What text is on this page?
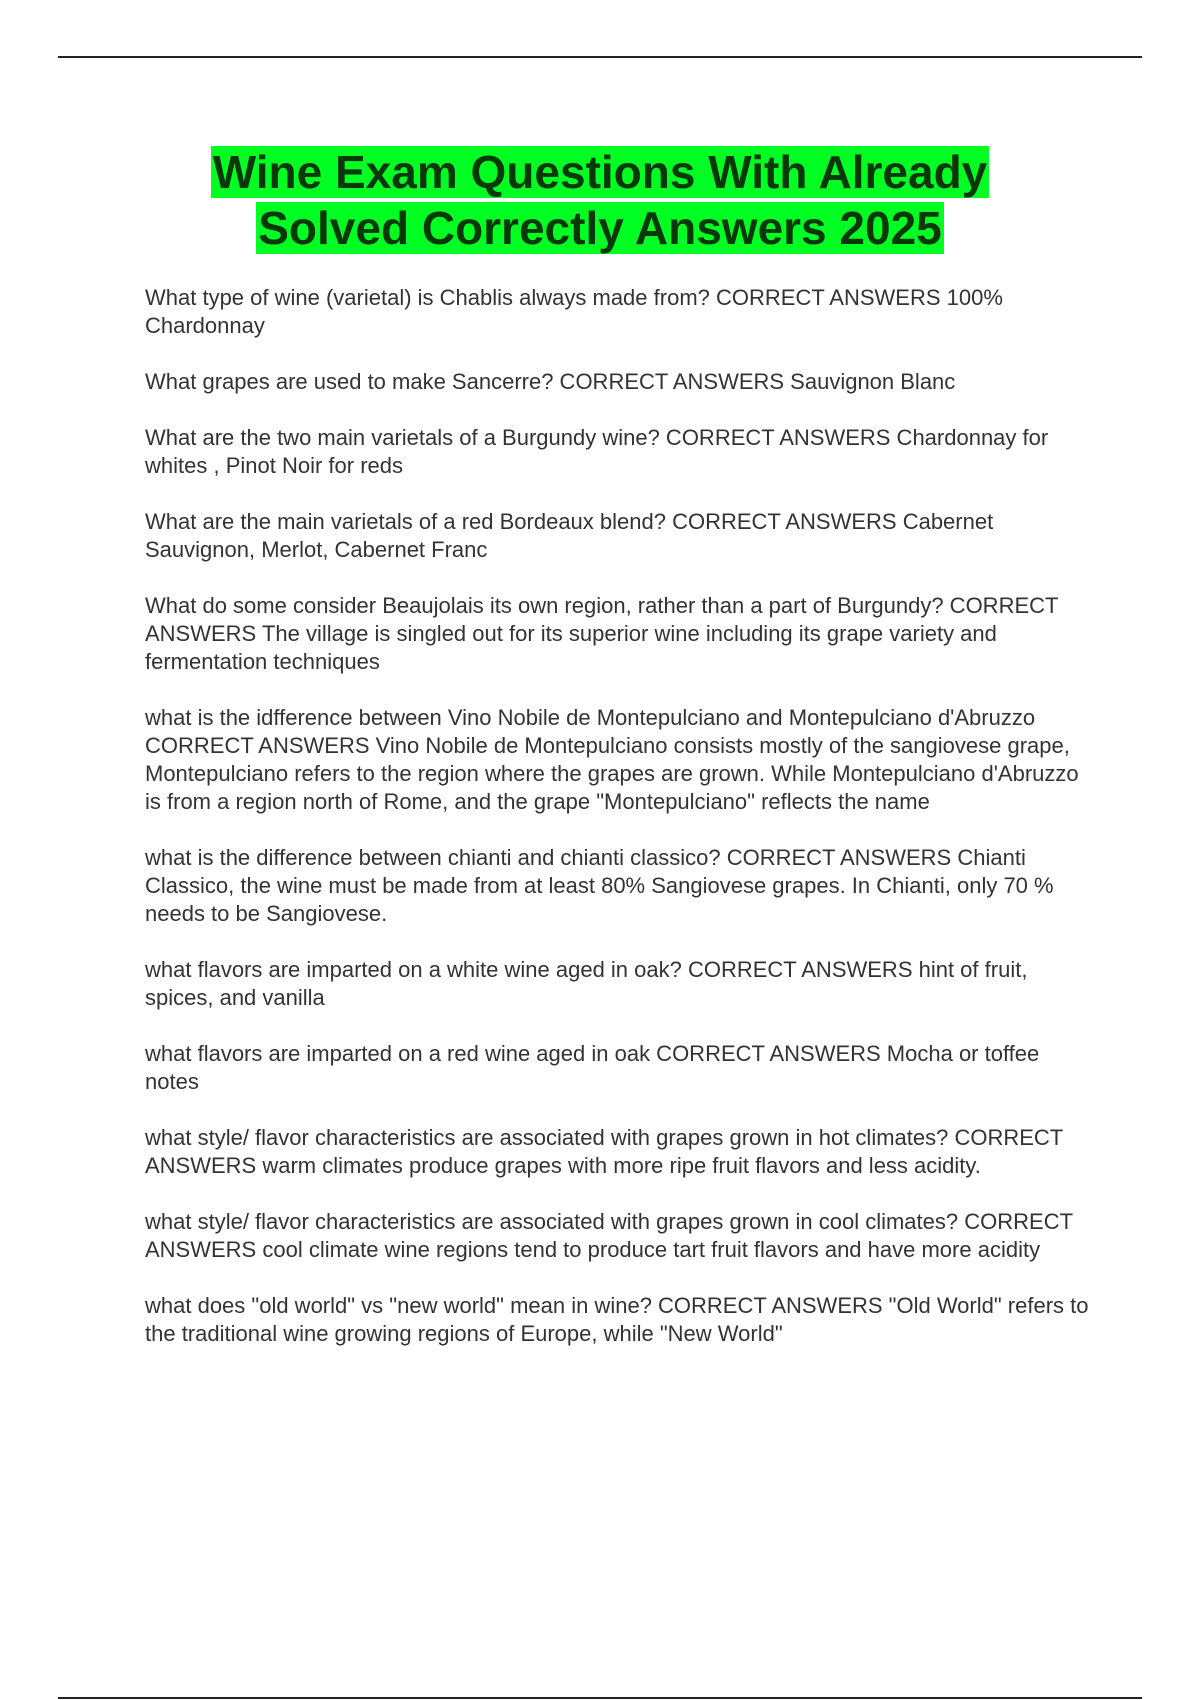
Wine Exam Questions With Already
Solved Correctly Answers 2025

What type of wine (varietal) is Chablis always made from? CORRECT ANSWERS 100% Chardonnay

What grapes are used to make Sancerre? CORRECT ANSWERS Sauvignon Blanc

What are the two main varietals of a Burgundy wine? CORRECT ANSWERS Chardonnay for whites , Pinot Noir for reds

What are the main varietals of a red Bordeaux blend? CORRECT ANSWERS Cabernet Sauvignon, Merlot, Cabernet Franc

What do some consider Beaujolais its own region, rather than a part of Burgundy? CORRECT ANSWERS The village is singled out for its superior wine including its grape variety and fermentation techniques

what is the idfference between Vino Nobile de Montepulciano and Montepulciano d'Abruzzo CORRECT ANSWERS Vino Nobile de Montepulciano consists mostly of the sangiovese grape, Montepulciano refers to the region where the grapes are grown. While Montepulciano d'Abruzzo is from a region north of Rome, and the grape "Montepulciano" reflects the name

what is the difference between chianti and chianti classico? CORRECT ANSWERS Chianti Classico, the wine must be made from at least 80% Sangiovese grapes. In Chianti, only 70 % needs to be Sangiovese.

what flavors are imparted on a white wine aged in oak? CORRECT ANSWERS hint of fruit, spices, and vanilla

what flavors are imparted on a red wine aged in oak CORRECT ANSWERS Mocha or toffee notes

what style/ flavor characteristics are associated with grapes grown in hot climates? CORRECT ANSWERS warm climates produce grapes with more ripe fruit flavors and less acidity.

what style/ flavor characteristics are associated with grapes grown in cool climates? CORRECT ANSWERS cool climate wine regions tend to produce tart fruit flavors and have more acidity

what does "old world" vs "new world" mean in wine? CORRECT ANSWERS "Old World" refers to the traditional wine growing regions of Europe, while "New World"
